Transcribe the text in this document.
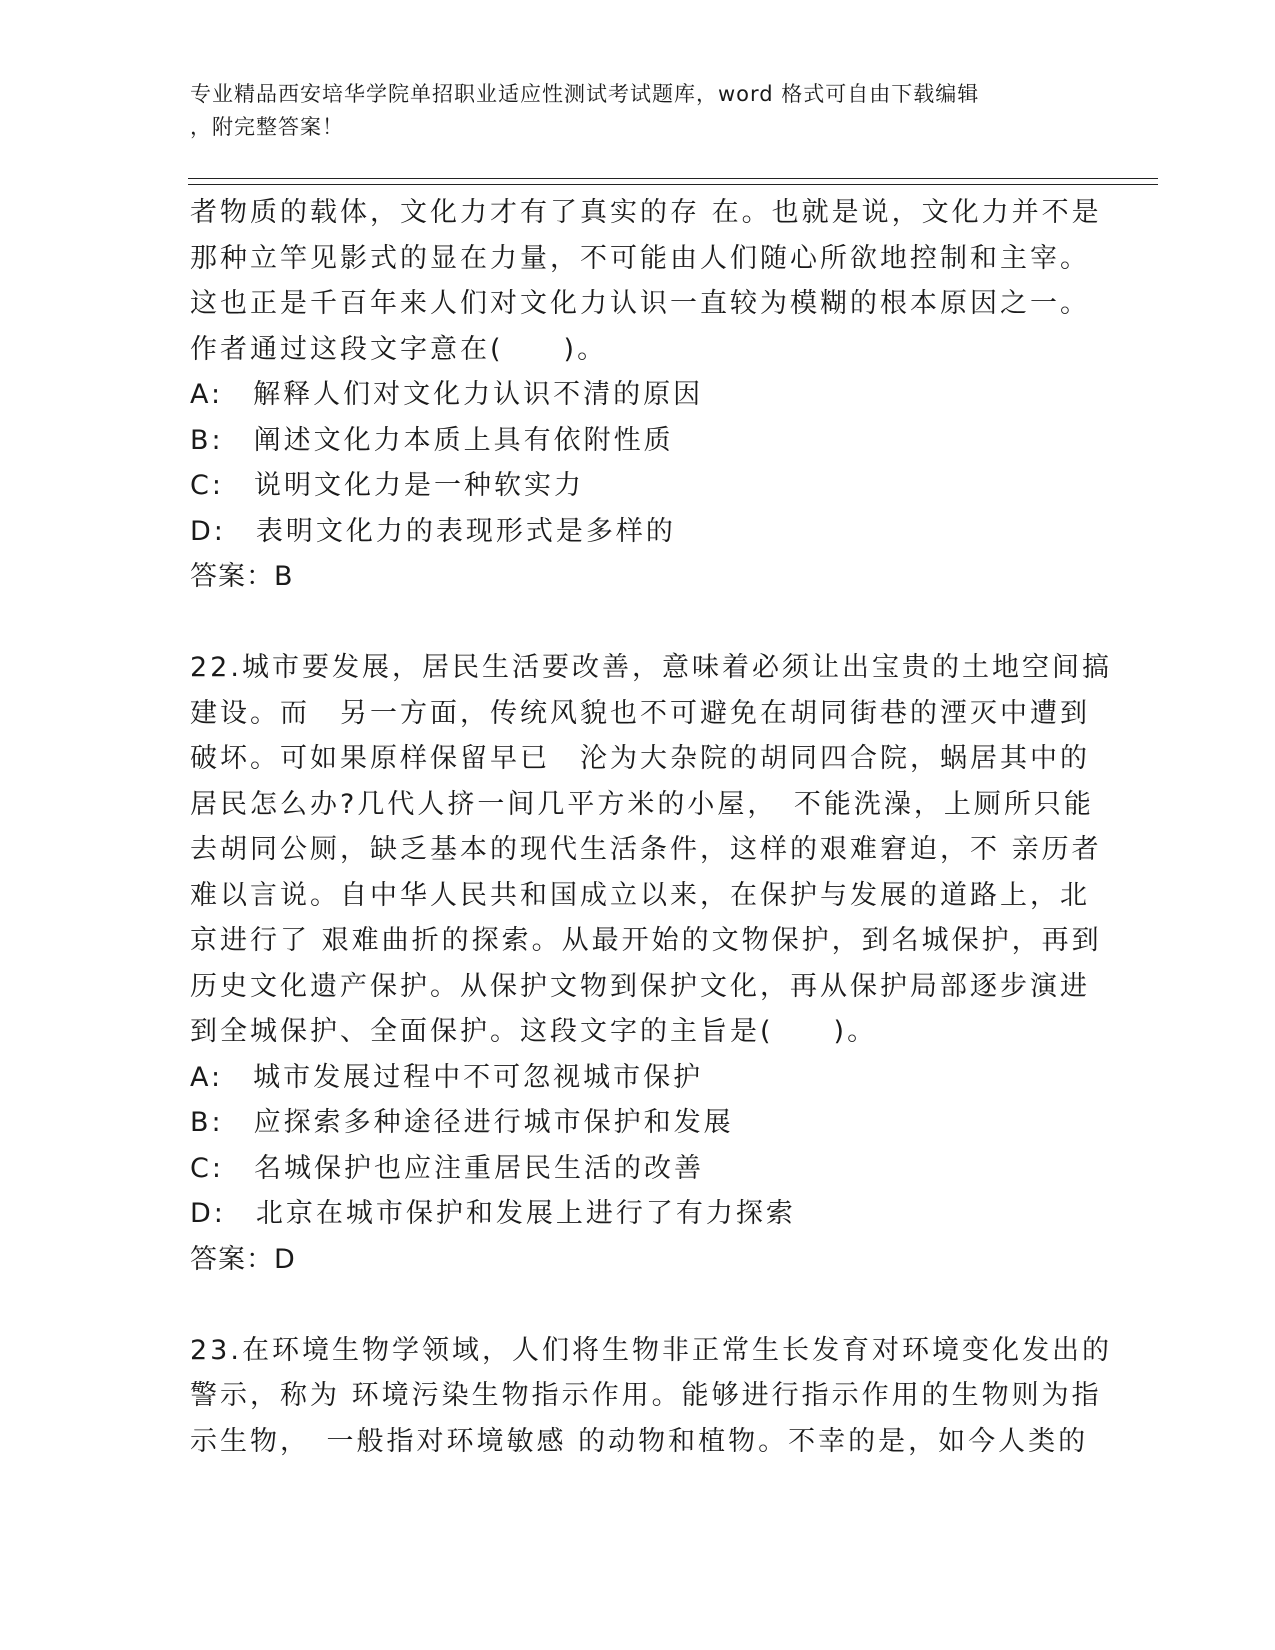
专业精品西安培华学院单招职业适应性测试考试题库，word 格式可自由下载编辑
，附完整答案！
者物质的载体，文化力才有了真实的存 在。也就是说，文化力并不是
那种立竿见影式的显在力量，不可能由人们随心所欲地控制和主宰。
这也正是千百年来人们对文化力认识一直较为模糊的根本原因之一。
作者通过这段文字意在(　　)。
A:　解释人们对文化力认识不清的原因
B:　阐述文化力本质上具有依附性质
C:　说明文化力是一种软实力
D:　表明文化力的表现形式是多样的
答案：B
22.城市要发展，居民生活要改善，意味着必须让出宝贵的土地空间搞
建设。而　另一方面，传统风貌也不可避免在胡同街巷的湮灭中遭到
破坏。可如果原样保留早已　沦为大杂院的胡同四合院，蜗居其中的
居民怎么办?几代人挤一间几平方米的小屋，　不能洗澡，上厕所只能
去胡同公厕，缺乏基本的现代生活条件，这样的艰难窘迫，不 亲历者
难以言说。自中华人民共和国成立以来，在保护与发展的道路上，北
京进行了 艰难曲折的探索。从最开始的文物保护，到名城保护，再到
历史文化遗产保护。从保护文物到保护文化，再从保护局部逐步演进
到全城保护、全面保护。这段文字的主旨是(　　)。
A:　城市发展过程中不可忽视城市保护
B:　应探索多种途径进行城市保护和发展
C:　名城保护也应注重居民生活的改善
D:　北京在城市保护和发展上进行了有力探索
答案：D
23.在环境生物学领域，人们将生物非正常生长发育对环境变化发出的
警示，称为 环境污染生物指示作用。能够进行指示作用的生物则为指
示生物，　一般指对环境敏感 的动物和植物。不幸的是，如今人类的
